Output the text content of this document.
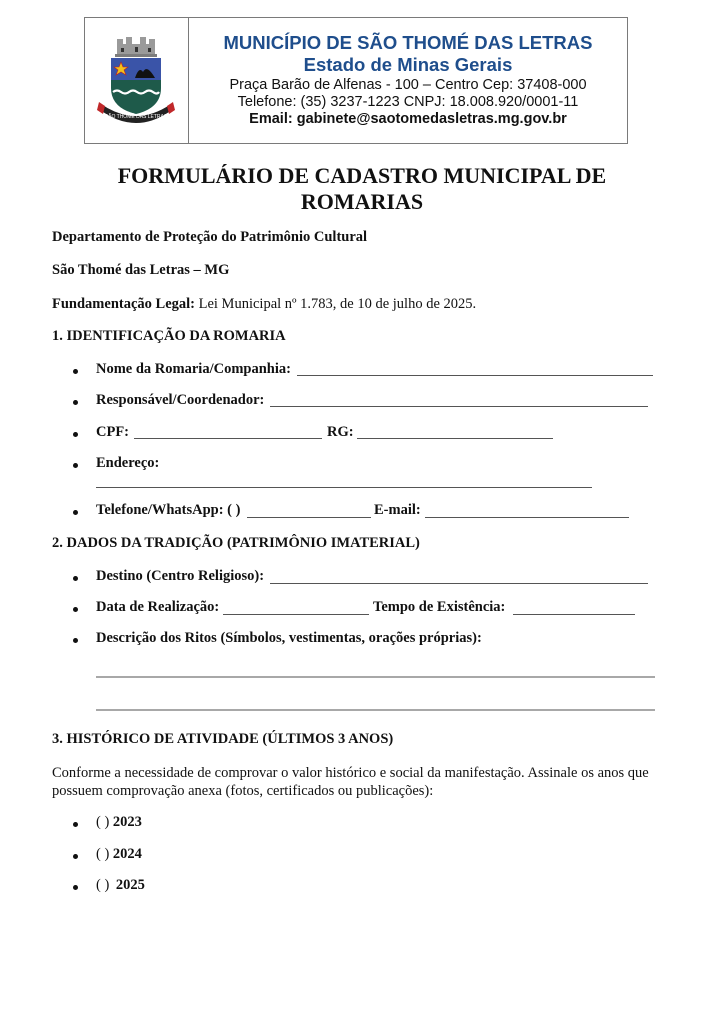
SÃO THOMÉ DAS LETRAS
MUNICÍPIO DE SÃO THOMÉ DAS LETRAS
Estado de Minas Gerais
Praça Barão de Alfenas - 100 – Centro Cep: 37408-000
Telefone: (35) 3237-1223 CNPJ: 18.008.920/0001-11
Email: gabinete@saotomedasletras.mg.gov.br
FORMULÁRIO DE CADASTRO MUNICIPAL DE
ROMARIAS
Departamento de Proteção do Patrimônio Cultural
São Thomé das Letras – MG
Fundamentação Legal: Lei Municipal nº 1.783, de 10 de julho de 2025.
1. IDENTIFICAÇÃO DA ROMARIA
Nome da Romaria/Companhia:
Responsável/Coordenador:
CPF:	RG:
Endereço:
Telefone/WhatsApp: ( )	E-mail:
2. DADOS DA TRADIÇÃO (PATRIMÔNIO IMATERIAL)
Destino (Centro Religioso):
Data de Realização:	Tempo de Existência:
Descrição dos Ritos (Símbolos, vestimentas, orações próprias):
3. HISTÓRICO DE ATIVIDADE (ÚLTIMOS 3 ANOS)
Conforme a necessidade de comprovar o valor histórico e social da manifestação. Assinale os anos que
possuem comprovação anexa (fotos, certificados ou publicações):
( ) 2023
( ) 2024
( ) 2025
